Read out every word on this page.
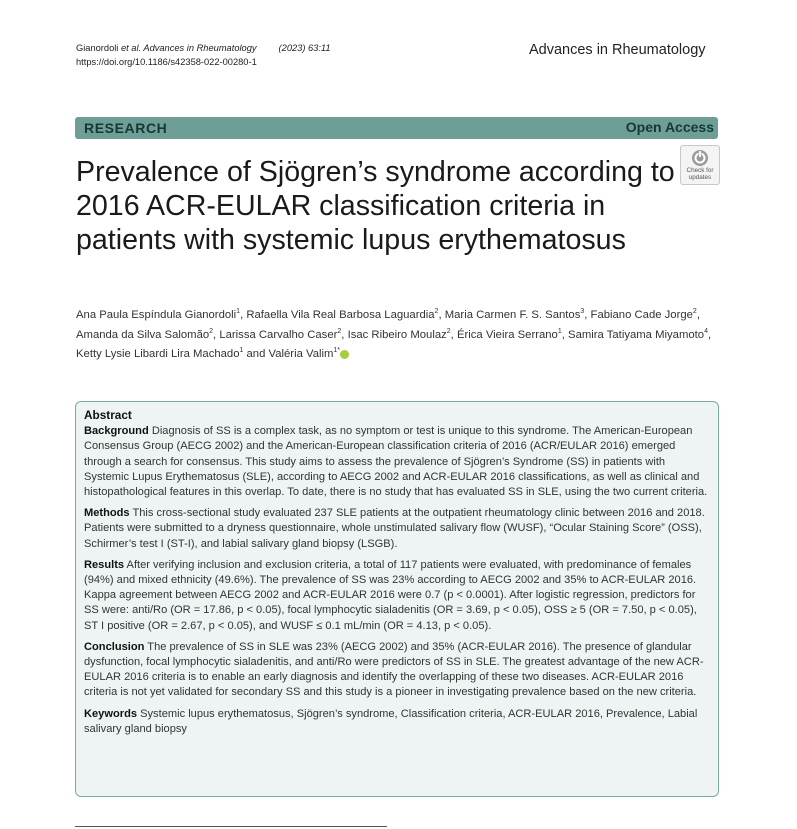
Gianordoli et al. Advances in Rheumatology (2023) 63:11
https://doi.org/10.1186/s42358-022-00280-1
Advances in Rheumatology
RESEARCH	Open Access
Check for
updates
Prevalence of Sjögren’s syndrome according to 2016 ACR-EULAR classification criteria in patients with systemic lupus erythematosus
Ana Paula Espíndula Gianordoli$^1$, Rafaella Vila Real Barbosa Laguardia$^2$, Maria Carmen F. S. Santos$^3$, Fabiano Cade Jorge$^2$, Amanda da Silva Salomão$^2$, Larissa Carvalho Caser$^2$, Isac Ribeiro Moulaz$^2$, Érica Vieira Serrano$^1$, Samira Tatiyama Miyamoto$^4$, Ketty Lysie Libardi Lira Machado$^1$ and Valéria Valim$^{1*}$
Abstract

Background Diagnosis of SS is a complex task, as no symptom or test is unique to this syndrome. The American-European Consensus Group (AECG 2002) and the American-European classification criteria of 2016 (ACR/EULAR 2016) emerged through a search for consensus. This study aims to assess the prevalence of Sjögren’s Syndrome (SS) in patients with Systemic Lupus Erythematosus (SLE), according to AECG 2002 and ACR-EULAR 2016 classifications, as well as clinical and histopathological features in this overlap. To date, there is no study that has evaluated SS in SLE, using the two current criteria.

Methods This cross-sectional study evaluated 237 SLE patients at the outpatient rheumatology clinic between 2016 and 2018. Patients were submitted to a dryness questionnaire, whole unstimulated salivary flow (WUSF), “Ocular Staining Score” (OSS), Schirmer’s test I (ST-I), and labial salivary gland biopsy (LSGB).

Results After verifying inclusion and exclusion criteria, a total of 117 patients were evaluated, with predominance of females (94%) and mixed ethnicity (49.6%). The prevalence of SS was 23% according to AECG 2002 and 35% to ACR-EULAR 2016. Kappa agreement between AECG 2002 and ACR-EULAR 2016 were 0.7 (p < 0.0001). After logistic regression, predictors for SS were: anti/Ro (OR = 17.86, p < 0.05), focal lymphocytic sialadenitis (OR = 3.69, p < 0.05), OSS ≥ 5 (OR = 7.50, p < 0.05), ST I positive (OR = 2.67, p < 0.05), and WUSF ≤ 0.1 mL/min (OR = 4.13, p < 0.05).

Conclusion The prevalence of SS in SLE was 23% (AECG 2002) and 35% (ACR-EULAR 2016). The presence of glandular dysfunction, focal lymphocytic sialadenitis, and anti/Ro were predictors of SS in SLE. The greatest advantage of the new ACR-EULAR 2016 criteria is to enable an early diagnosis and identify the overlapping of these two diseases. ACR-EULAR 2016 criteria is not yet validated for secondary SS and this study is a pioneer in investigating prevalence based on the new criteria.

Keywords Systemic lupus erythematosus, Sjögren’s syndrome, Classification criteria, ACR-EULAR 2016, Prevalence, Labial salivary gland biopsy
